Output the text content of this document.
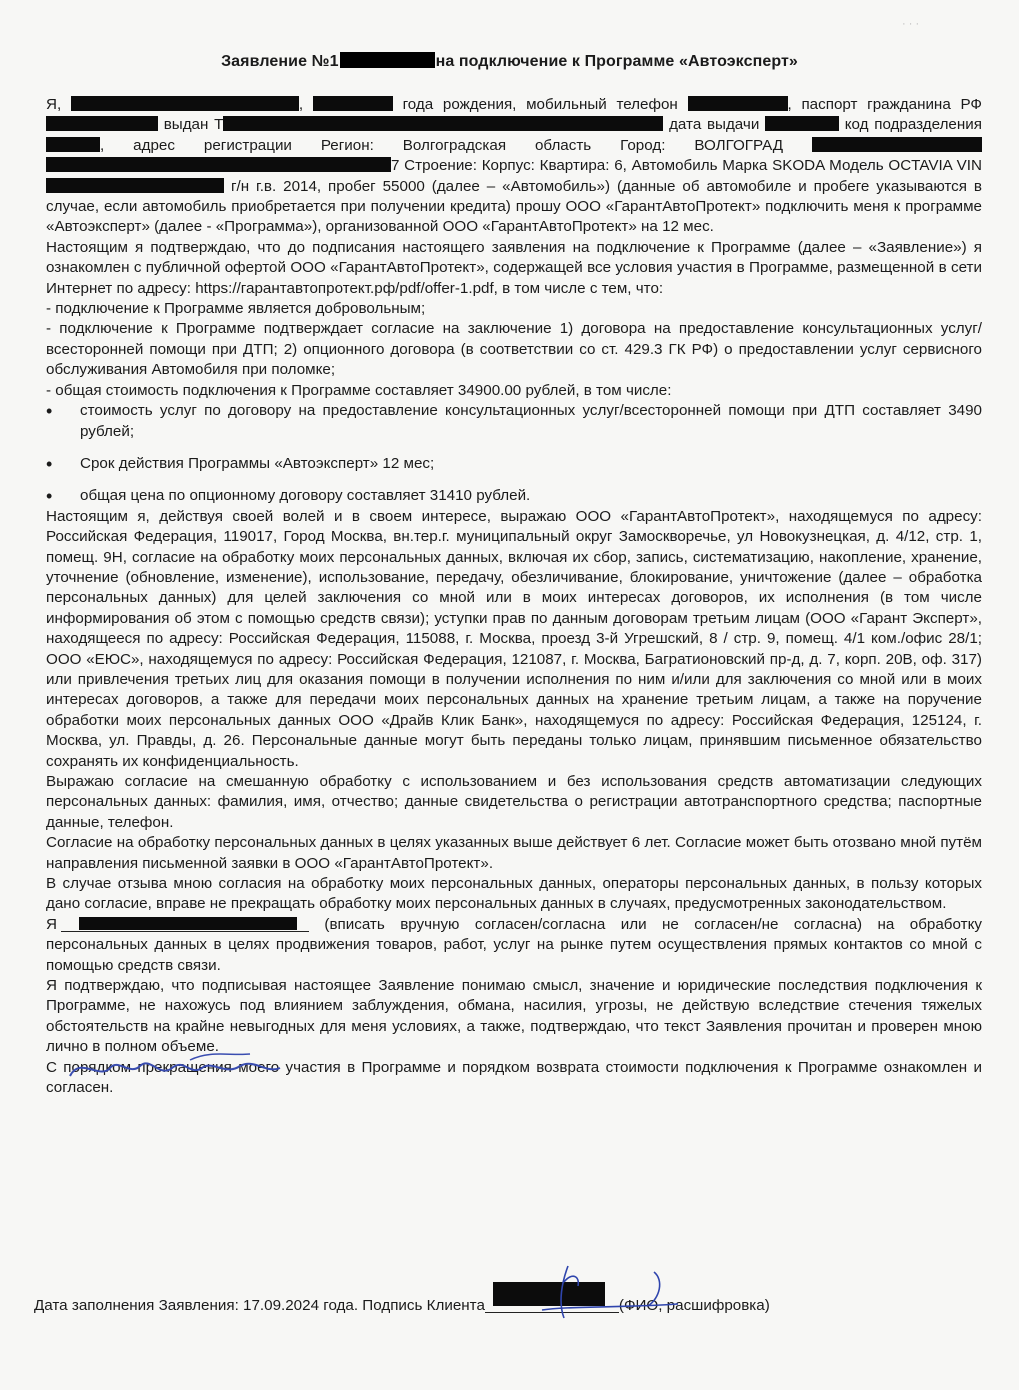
Заявление №1	на подключение к Программе «Автоэксперт»

Я,	,	года рождения, мобильный телефон	, паспорт гражданина РФ  выдан Т	дата выдачи	код подразделения , адрес регистрации Регион: Волгоградская область Город: ВОЛГОГРАД  7 Строение: Корпус: Квартира: 6, Автомобиль Марка SKODA Модель OCTAVIA VIN  г/н г.в. 2014, пробег 55000 (далее – «Автомобиль») (данные об автомобиле и пробеге указываются в случае, если автомобиль приобретается при получении кредита) прошу ООО «ГарантАвтоПротект» подключить меня к программе «Автоэксперт» (далее - «Программа»), организованной ООО «ГарантАвтоПротект» на 12 мес.

Настоящим я подтверждаю, что до подписания настоящего заявления на подключение к Программе (далее – «Заявление») я ознакомлен с публичной офертой ООО «ГарантАвтоПротект», содержащей все условия участия в Программе, размещенной в сети Интернет по адресу: https://гарантавтопротект.рф/pdf/offer-1.pdf, в том числе с тем, что:

- подключение к Программе является добровольным;

- подключение к Программе подтверждает согласие на заключение 1) договора на предоставление консультационных услуг/всесторонней помощи при ДТП; 2) опционного договора (в соответствии со ст. 429.3 ГК РФ) о предоставлении услуг сервисного обслуживания Автомобиля при поломке;

- общая стоимость подключения к Программе составляет 34900.00 рублей, в том числе:

• стоимость услуг по договору на предоставление консультационных услуг/всесторонней помощи при ДТП составляет 3490 рублей;
• Срок действия Программы «Автоэксперт» 12 мес;
• общая цена по опционному договору составляет 31410 рублей.

Настоящим я, действуя своей волей и в своем интересе, выражаю ООО «ГарантАвтоПротект», находящемуся по адресу: Российская Федерация, 119017, Город Москва, вн.тер.г. муниципальный округ Замоскворечье, ул Новокузнецкая, д. 4/12, стр. 1, помещ. 9Н, согласие на обработку моих персональных данных, включая их сбор, запись, систематизацию, накопление, хранение, уточнение (обновление, изменение), использование, передачу, обезличивание, блокирование, уничтожение (далее – обработка персональных данных) для целей заключения со мной или в моих интересах договоров, их исполнения (в том числе информирования об этом с помощью средств связи); уступки прав по данным договорам третьим лицам (ООО «Гарант Эксперт», находящееся по адресу: Российская Федерация, 115088, г. Москва, проезд 3-й Угрешский, 8 / стр. 9, помещ. 4/1 ком./офис 28/1; ООО «ЕЮС», находящемуся по адресу: Российская Федерация, 121087, г. Москва, Багратионовский пр-д, д. 7, корп. 20В, оф. 317) или привлечения третьих лиц для оказания помощи в получении исполнения по ним и/или для заключения со мной или в моих интересах договоров, а также для передачи моих персональных данных на хранение третьим лицам, а также на поручение обработки моих персональных данных ООО «Драйв Клик Банк», находящемуся по адресу: Российская Федерация, 125124, г. Москва, ул. Правды, д. 26. Персональные данные могут быть переданы только лицам, принявшим письменное обязательство сохранять их конфиденциальность.

Выражаю согласие на смешанную обработку с использованием и без использования средств автоматизации следующих персональных данных: фамилия, имя, отчество; данные свидетельства о регистрации автотранспортного средства; паспортные данные, телефон.

Согласие на обработку персональных данных в целях указанных выше действует 6 лет. Согласие может быть отозвано мной путём направления письменной заявки в ООО «ГарантАвтоПротект».

В случае отзыва мною согласия на обработку моих персональных данных, операторы персональных данных, в пользу которых дано согласие, вправе не прекращать обработку моих персональных данных в случаях, предусмотренных законодательством.

Я	(вписать вручную согласен/согласна или не согласен/не согласна) на обработку персональных данных в целях продвижения товаров, работ, услуг на рынке путем осуществления прямых контактов со мной с помощью средств связи.

Я подтверждаю, что подписывая настоящее Заявление понимаю смысл, значение и юридические последствия подключения к Программе, не нахожусь под влиянием заблуждения, обмана, насилия, угрозы, не действую вследствие стечения тяжелых обстоятельств на крайне невыгодных для меня условиях, а также, подтверждаю, что текст Заявления прочитан и проверен мною лично в полном объеме.

С порядком прекращения моего участия в Программе и порядком возврата стоимости подключения к Программе ознакомлен и согласен.

Дата заполнения Заявления: 17.09.2024 года. Подпись Клиента	(ФИО, расшифровка)
· · ·
